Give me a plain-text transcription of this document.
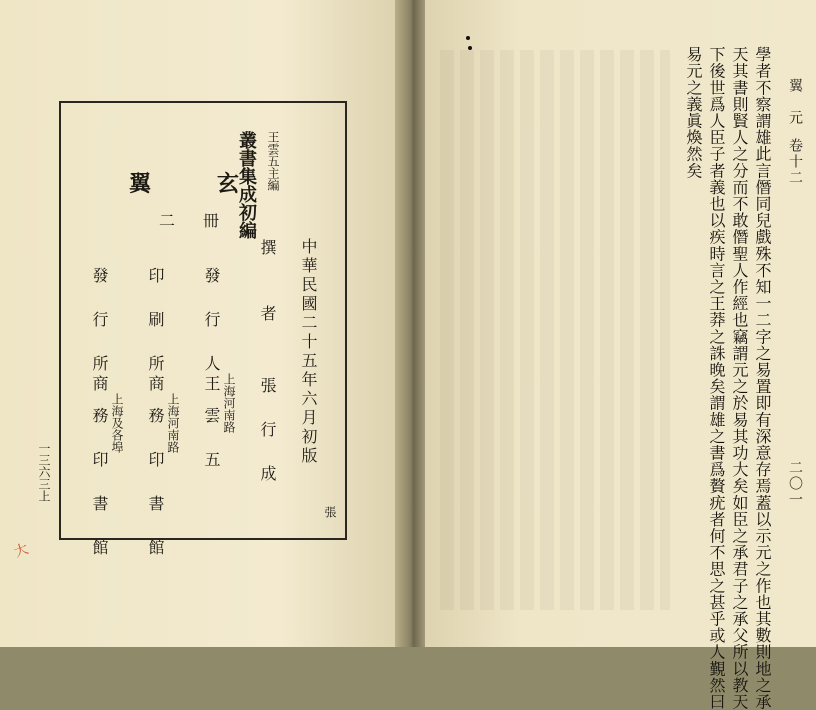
王雲五主編
叢書集成初編
翼　　　玄
二　冊
撰　　者
張　行　成
發　行　人
王 上海河南路
雲　五
印　刷　所
商
上海河南路
務　印　書　館
發　行　所
商
上海及各埠
務　印　書　館
中華民國二十五年六月初版
一三六三上
張
大
翼　元
卷十二
二〇一
學者不察謂雄此言僭同兒戲殊不知一二字之易置即有深意存焉蓋以示元之作也其數則地之承
天其書則賢人之分而不敢僭聖人作經也竊謂元之於易其功大矣如臣之承君子之承父所以教天
下後世爲人臣子者義也以疾時言之王莽之誅晚矣謂雄之書爲贅疣者何不思之甚乎或人覲然曰
易元之義眞煥然矣
